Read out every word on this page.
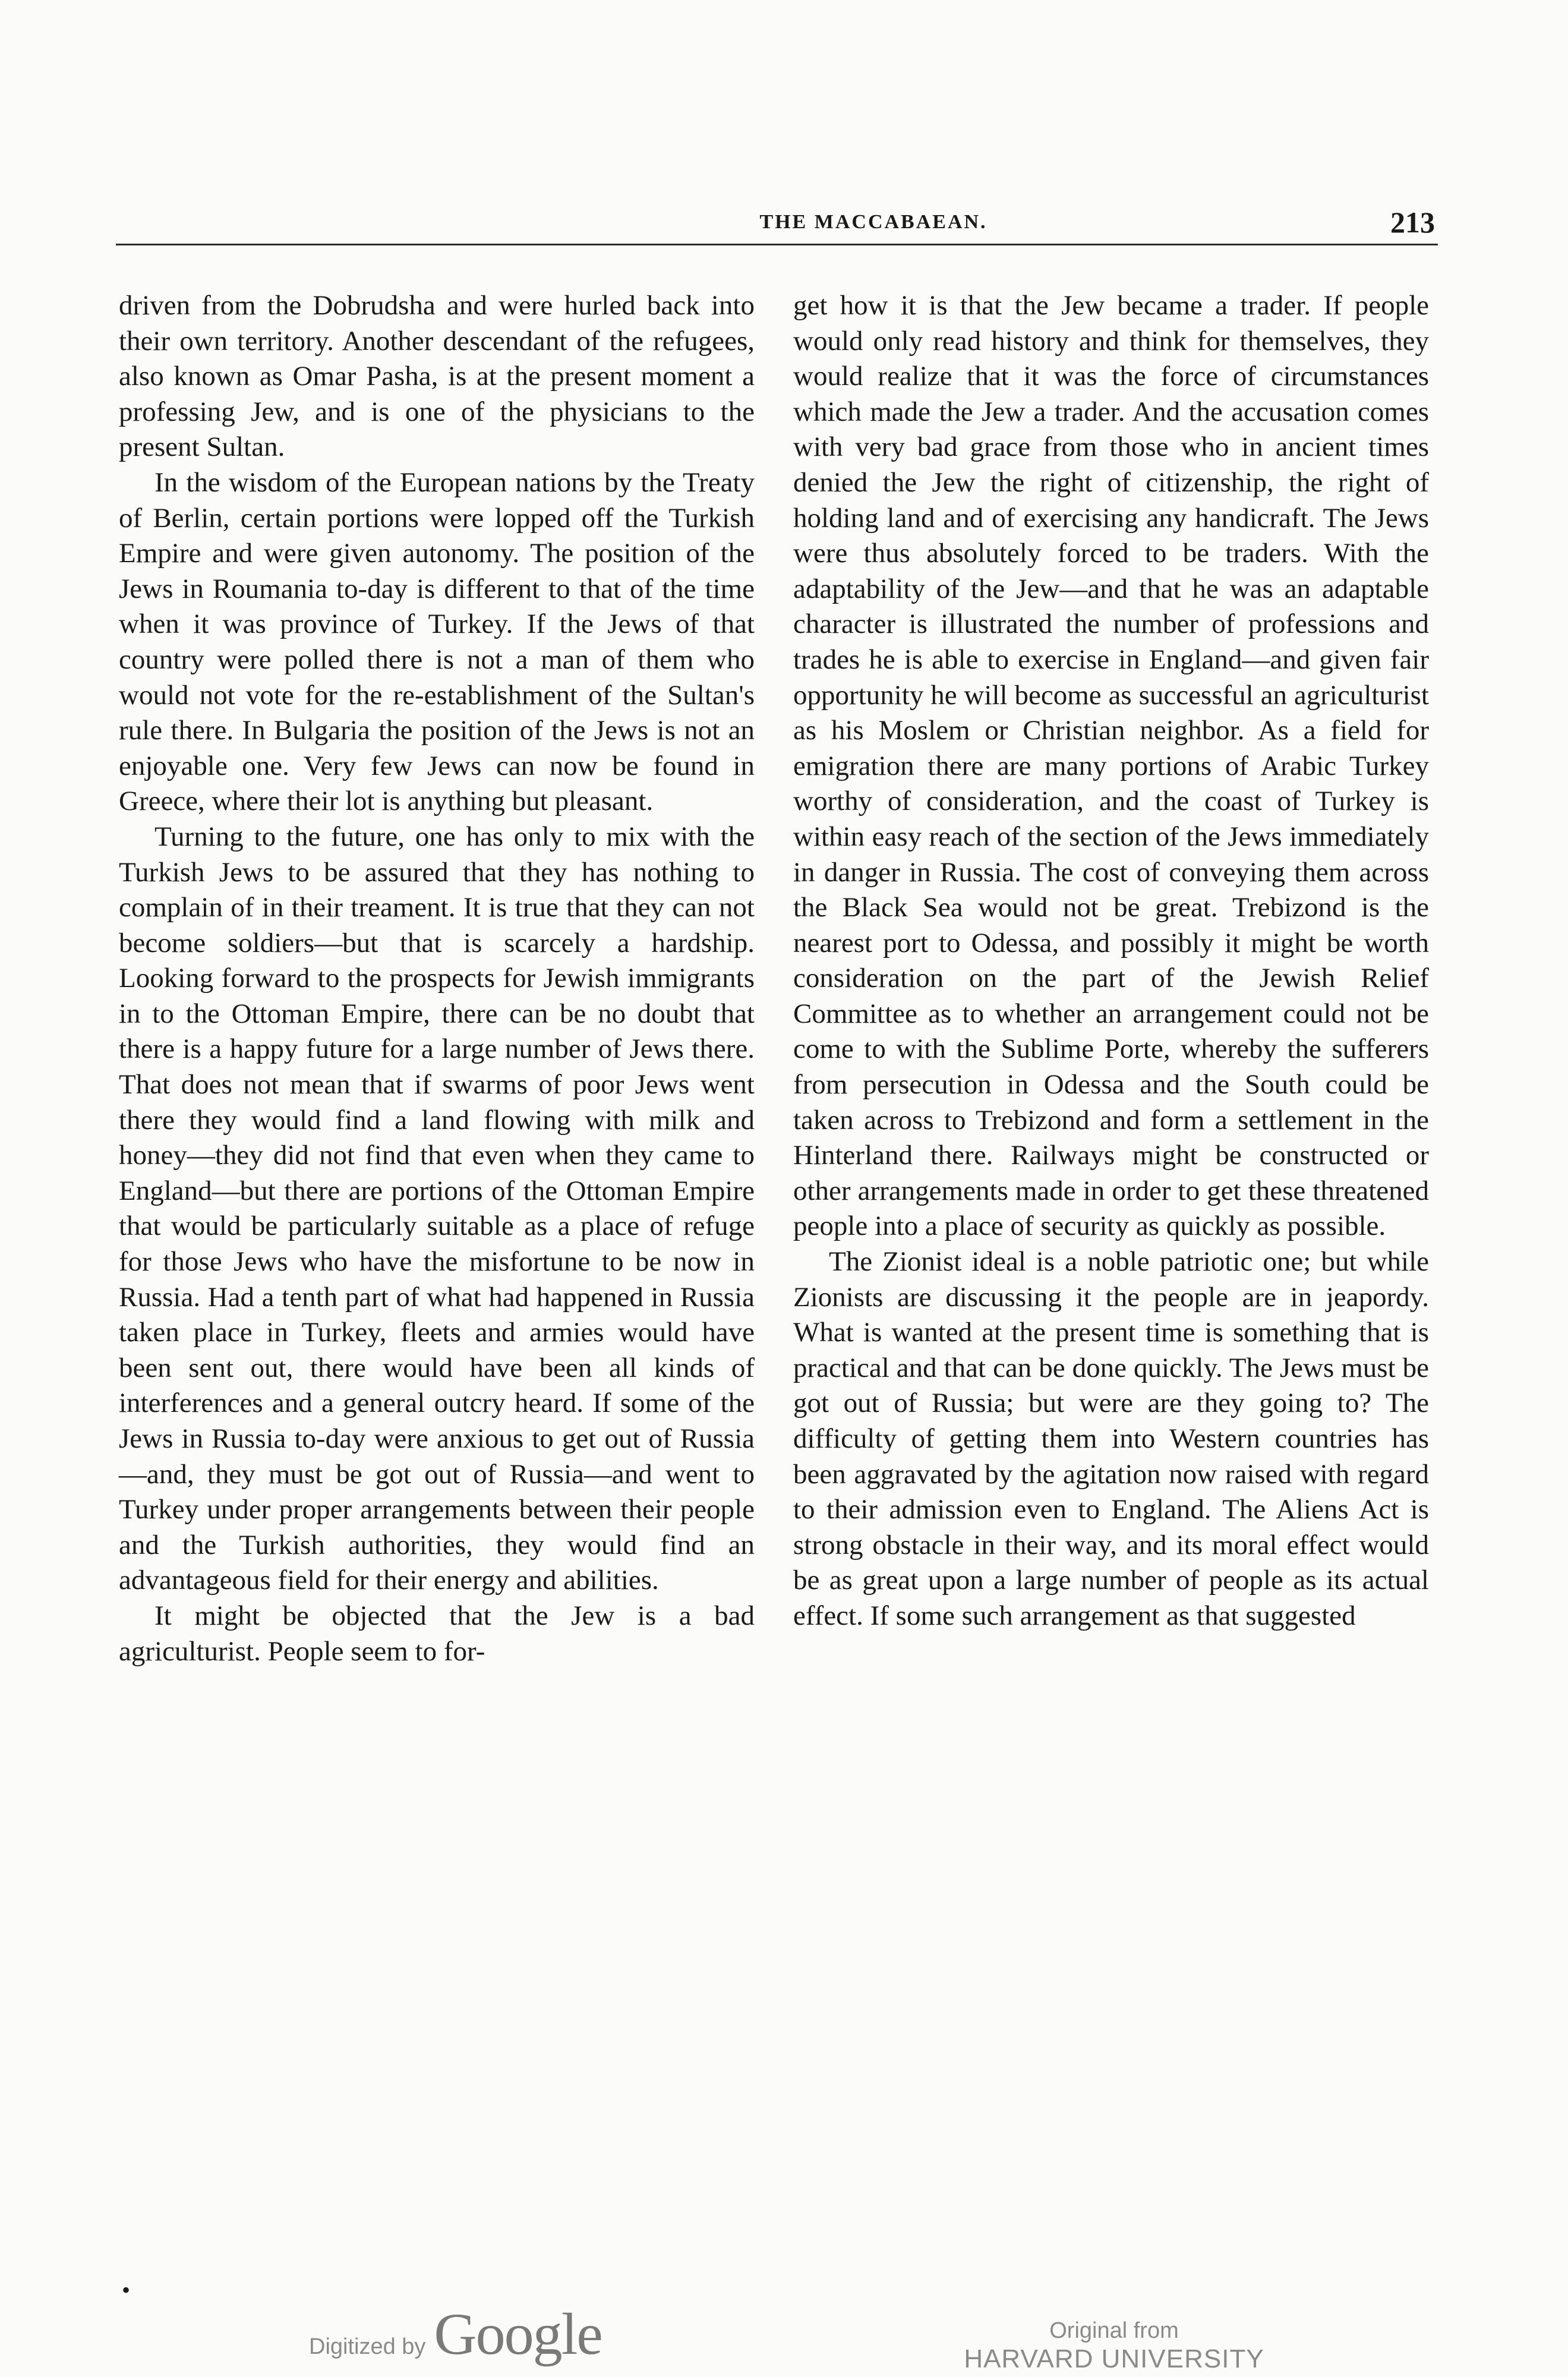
THE MACCABAEAN.	213

driven from the Dobrudsha and were hurled back into their own territory. Another descendant of the refugees, also known as Omar Pasha, is at the present moment a professing Jew, and is one of the physicians to the present Sultan.

In the wisdom of the European nations by the Treaty of Berlin, certain portions were lopped off the Turkish Empire and were given autonomy. The position of the Jews in Roumania to-day is different to that of the time when it was province of Turkey. If the Jews of that country were polled there is not a man of them who would not vote for the re-establishment of the Sultan's rule there. In Bulgaria the position of the Jews is not an enjoyable one. Very few Jews can now be found in Greece, where their lot is anything but pleasant.

Turning to the future, one has only to mix with the Turkish Jews to be assured that they has nothing to complain of in their treament. It is true that they can not become soldiers—but that is scarcely a hardship. Looking forward to the prospects for Jewish immigrants in to the Ottoman Empire, there can be no doubt that there is a happy future for a large number of Jews there. That does not mean that if swarms of poor Jews went there they would find a land flowing with milk and honey—they did not find that even when they came to England—but there are portions of the Ottoman Empire that would be particularly suitable as a place of refuge for those Jews who have the misfortune to be now in Russia. Had a tenth part of what had happened in Russia taken place in Turkey, fleets and armies would have been sent out, there would have been all kinds of interferences and a general outcry heard. If some of the Jews in Russia to-day were anxious to get out of Russia—and, they must be got out of Russia—and went to Turkey under proper arrangements between their people and the Turkish authorities, they would find an advantageous field for their energy and abilities.

It might be objected that the Jew is a bad agriculturist. People seem to for-

get how it is that the Jew became a trader. If people would only read history and think for themselves, they would realize that it was the force of circumstances which made the Jew a trader. And the accusation comes with very bad grace from those who in ancient times denied the Jew the right of citizenship, the right of holding land and of exercising any handicraft. The Jews were thus absolutely forced to be traders. With the adaptability of the Jew—and that he was an adaptable character is illustrated the number of professions and trades he is able to exercise in England—and given fair opportunity he will become as successful an agriculturist as his Moslem or Christian neighbor. As a field for emigration there are many portions of Arabic Turkey worthy of consideration, and the coast of Turkey is within easy reach of the section of the Jews immediately in danger in Russia. The cost of conveying them across the Black Sea would not be great. Trebizond is the nearest port to Odessa, and possibly it might be worth consideration on the part of the Jewish Relief Committee as to whether an arrangement could not be come to with the Sublime Porte, whereby the sufferers from persecution in Odessa and the South could be taken across to Trebizond and form a settlement in the Hinterland there. Railways might be constructed or other arrangements made in order to get these threatened people into a place of security as quickly as possible.

The Zionist ideal is a noble patriotic one; but while Zionists are discussing it the people are in jeapordy. What is wanted at the present time is something that is practical and that can be done quickly. The Jews must be got out of Russia; but were are they going to? The difficulty of getting them into Western countries has been aggravated by the agitation now raised with regard to their admission even to England. The Aliens Act is strong obstacle in their way, and its moral effect would be as great upon a large number of people as its actual effect. If some such arrangement as that suggested

•
Digitized by Google	Original from
HARVARD UNIVERSITY
